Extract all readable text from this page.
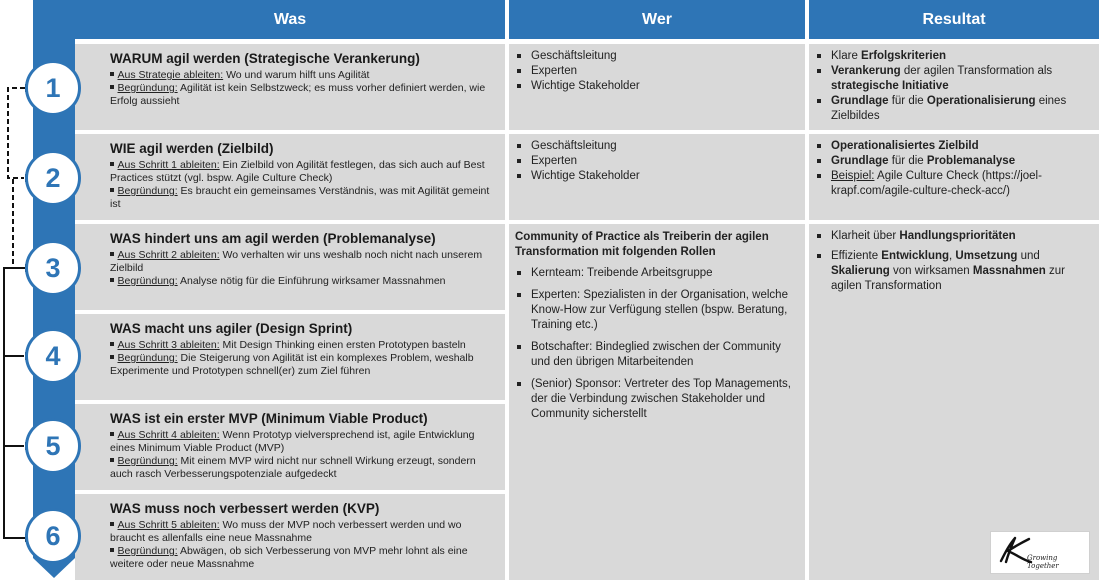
Was	Wer	Resultat
WARUM agil werden (Strategische Verankerung)

Aus Strategie ableiten: Wo und warum hilft uns Agilität

Begründung: Agilität ist kein Selbstzweck; es muss vorher definiert werden, wie Erfolg aussieht

WIE agil werden (Zielbild)

Aus Schritt 1 ableiten: Ein Zielbild von Agilität festlegen, das sich auch auf Best Practices stützt (vgl. bspw. Agile Culture Check)

Begründung: Es braucht ein gemeinsames Verständnis, was mit Agilität gemeint ist

WAS hindert uns am agil werden (Problemanalyse)

Aus Schritt 2 ableiten: Wo verhalten wir uns weshalb noch nicht nach unserem Zielbild

Begründung: Analyse nötig für die Einführung wirksamer Massnahmen

WAS macht uns agiler (Design Sprint)

Aus Schritt 3 ableiten: Mit Design Thinking einen ersten Prototypen basteln

Begründung: Die Steigerung von Agilität ist ein komplexes Problem, weshalb Experimente und Prototypen schnell(er) zum Ziel führen

WAS ist ein erster MVP (Minimum Viable Product)

Aus Schritt 4 ableiten: Wenn Prototyp vielversprechend ist, agile Entwicklung eines Minimum Viable Product (MVP)

Begründung: Mit einem MVP wird nicht nur schnell Wirkung erzeugt, sondern auch rasch Verbesserungspotenziale aufgedeckt

WAS muss noch verbessert werden (KVP)

Aus Schritt 5 ableiten: Wo muss der MVP noch verbessert werden und wo braucht es allenfalls eine neue Massnahme

Begründung: Abwägen, ob sich Verbesserung von MVP mehr lohnt als eine weitere oder neue Massnahme

Geschäftsleitung
Experten
Wichtige Stakeholder
Geschäftsleitung
Experten
Wichtige Stakeholder
Community of Practice als Treiberin der agilen Transformation mit folgenden Rollen
Kernteam: Treibende Arbeitsgruppe
Experten: Spezialisten in der Organisation, welche Know-How zur Verfügung stellen (bspw. Beratung, Training etc.)
Botschafter: Bindeglied zwischen der Community und den übrigen Mitarbeitenden
(Senior) Sponsor: Vertreter des Top Managements, der die Verbindung zwischen Stakeholder und Community sicherstellt
Klare Erfolgskriterien
Verankerung der agilen Transformation als strategische Initiative
Grundlage für die Operationalisierung eines Zielbildes
Operationalisiertes Zielbild
Grundlage für die Problemanalyse
Beispiel: Agile Culture Check (https://joel-krapf.com/agile-culture-check-acc/)
Klarheit über Handlungsprioritäten
Effiziente Entwicklung, Umsetzung und Skalierung von wirksamen Massnahmen zur agilen Transformation
1
2
3
4
5
6
Growing Together
